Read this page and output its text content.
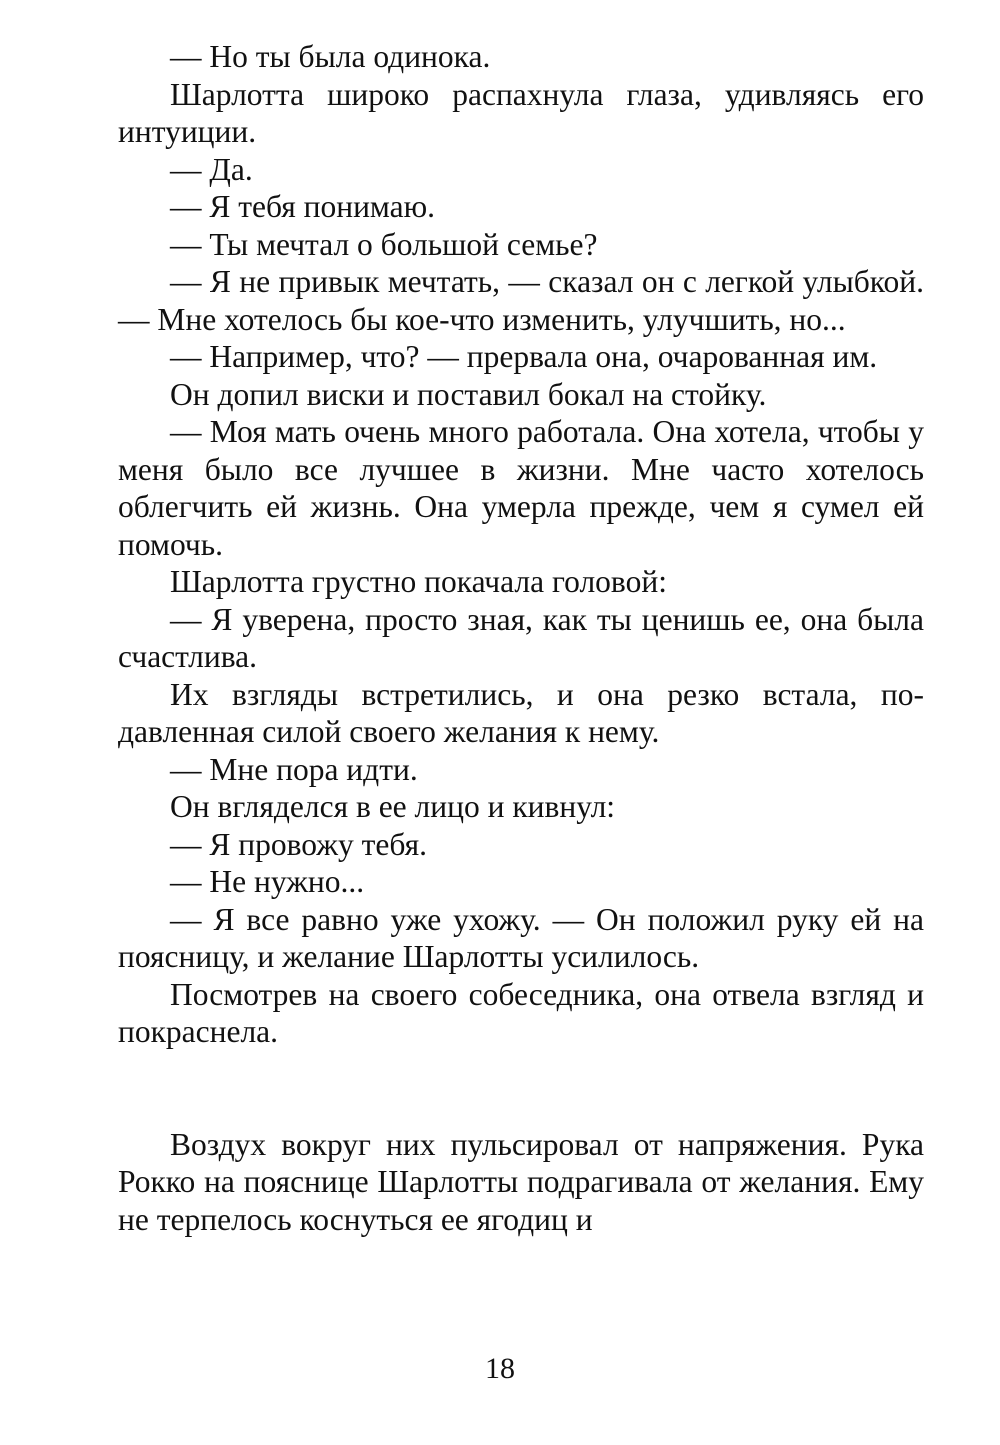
— Но ты была одинока.

Шарлотта широко распахнула глаза, удивляясь его интуиции.

— Да.

— Я тебя понимаю.

— Ты мечтал о большой семье?

— Я не привык мечтать, — сказал он с легкой улыбкой. — Мне хотелось бы кое-что изменить, улучшить, но...

— Например, что? — прервала она, очарованная им.

Он допил виски и поставил бокал на стойку.

— Моя мать очень много работала. Она хотела, чтобы у меня было все лучшее в жизни. Мне часто хотелось облегчить ей жизнь. Она умерла прежде, чем я сумел ей помочь.

Шарлотта грустно покачала головой:

— Я уверена, просто зная, как ты ценишь ее, она была счастлива.

Их взгляды встретились, и она резко встала, подавленная силой своего желания к нему.

— Мне пора идти.

Он вгляделся в ее лицо и кивнул:

— Я провожу тебя.

— Не нужно...

— Я все равно уже ухожу. — Он положил руку ей на поясницу, и желание Шарлотты усилилось.

Посмотрев на своего собеседника, она отвела взгляд и покраснела.

Воздух вокруг них пульсировал от напряжения. Рука Рокко на пояснице Шарлотты подрагивала от желания. Ему не терпелось коснуться ее ягодиц и

18
